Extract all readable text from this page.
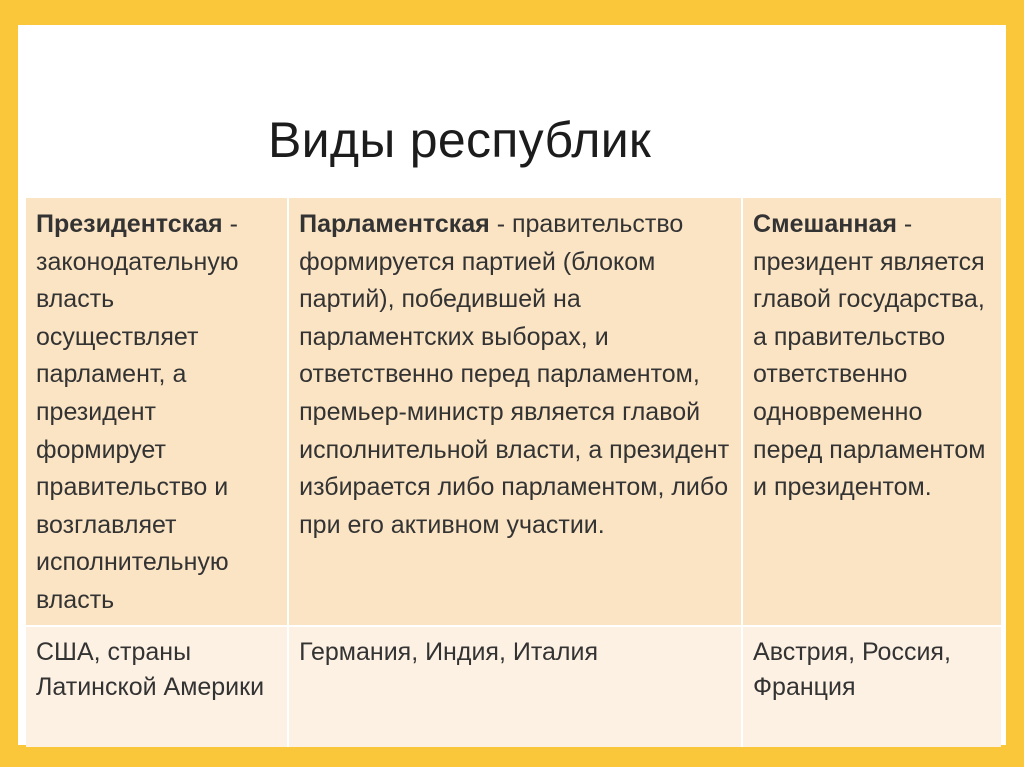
Виды республик
Президентская - законодательную власть осуществляет парламент, а президент формирует правительство и возглавляет исполнительную власть	Парламентская - правительство формируется партией (блоком партий), победившей на парламентских выборах, и ответственно перед парламентом, премьер-министр является главой исполнительной власти, а президент избирается либо парламентом, либо при его активном участии.	Смешанная - президент является главой государства, а правительство ответственно одновременно перед парламентом и президентом.
США, страны Латинской Америки	Германия, Индия, Италия	Австрия, Россия, Франция
